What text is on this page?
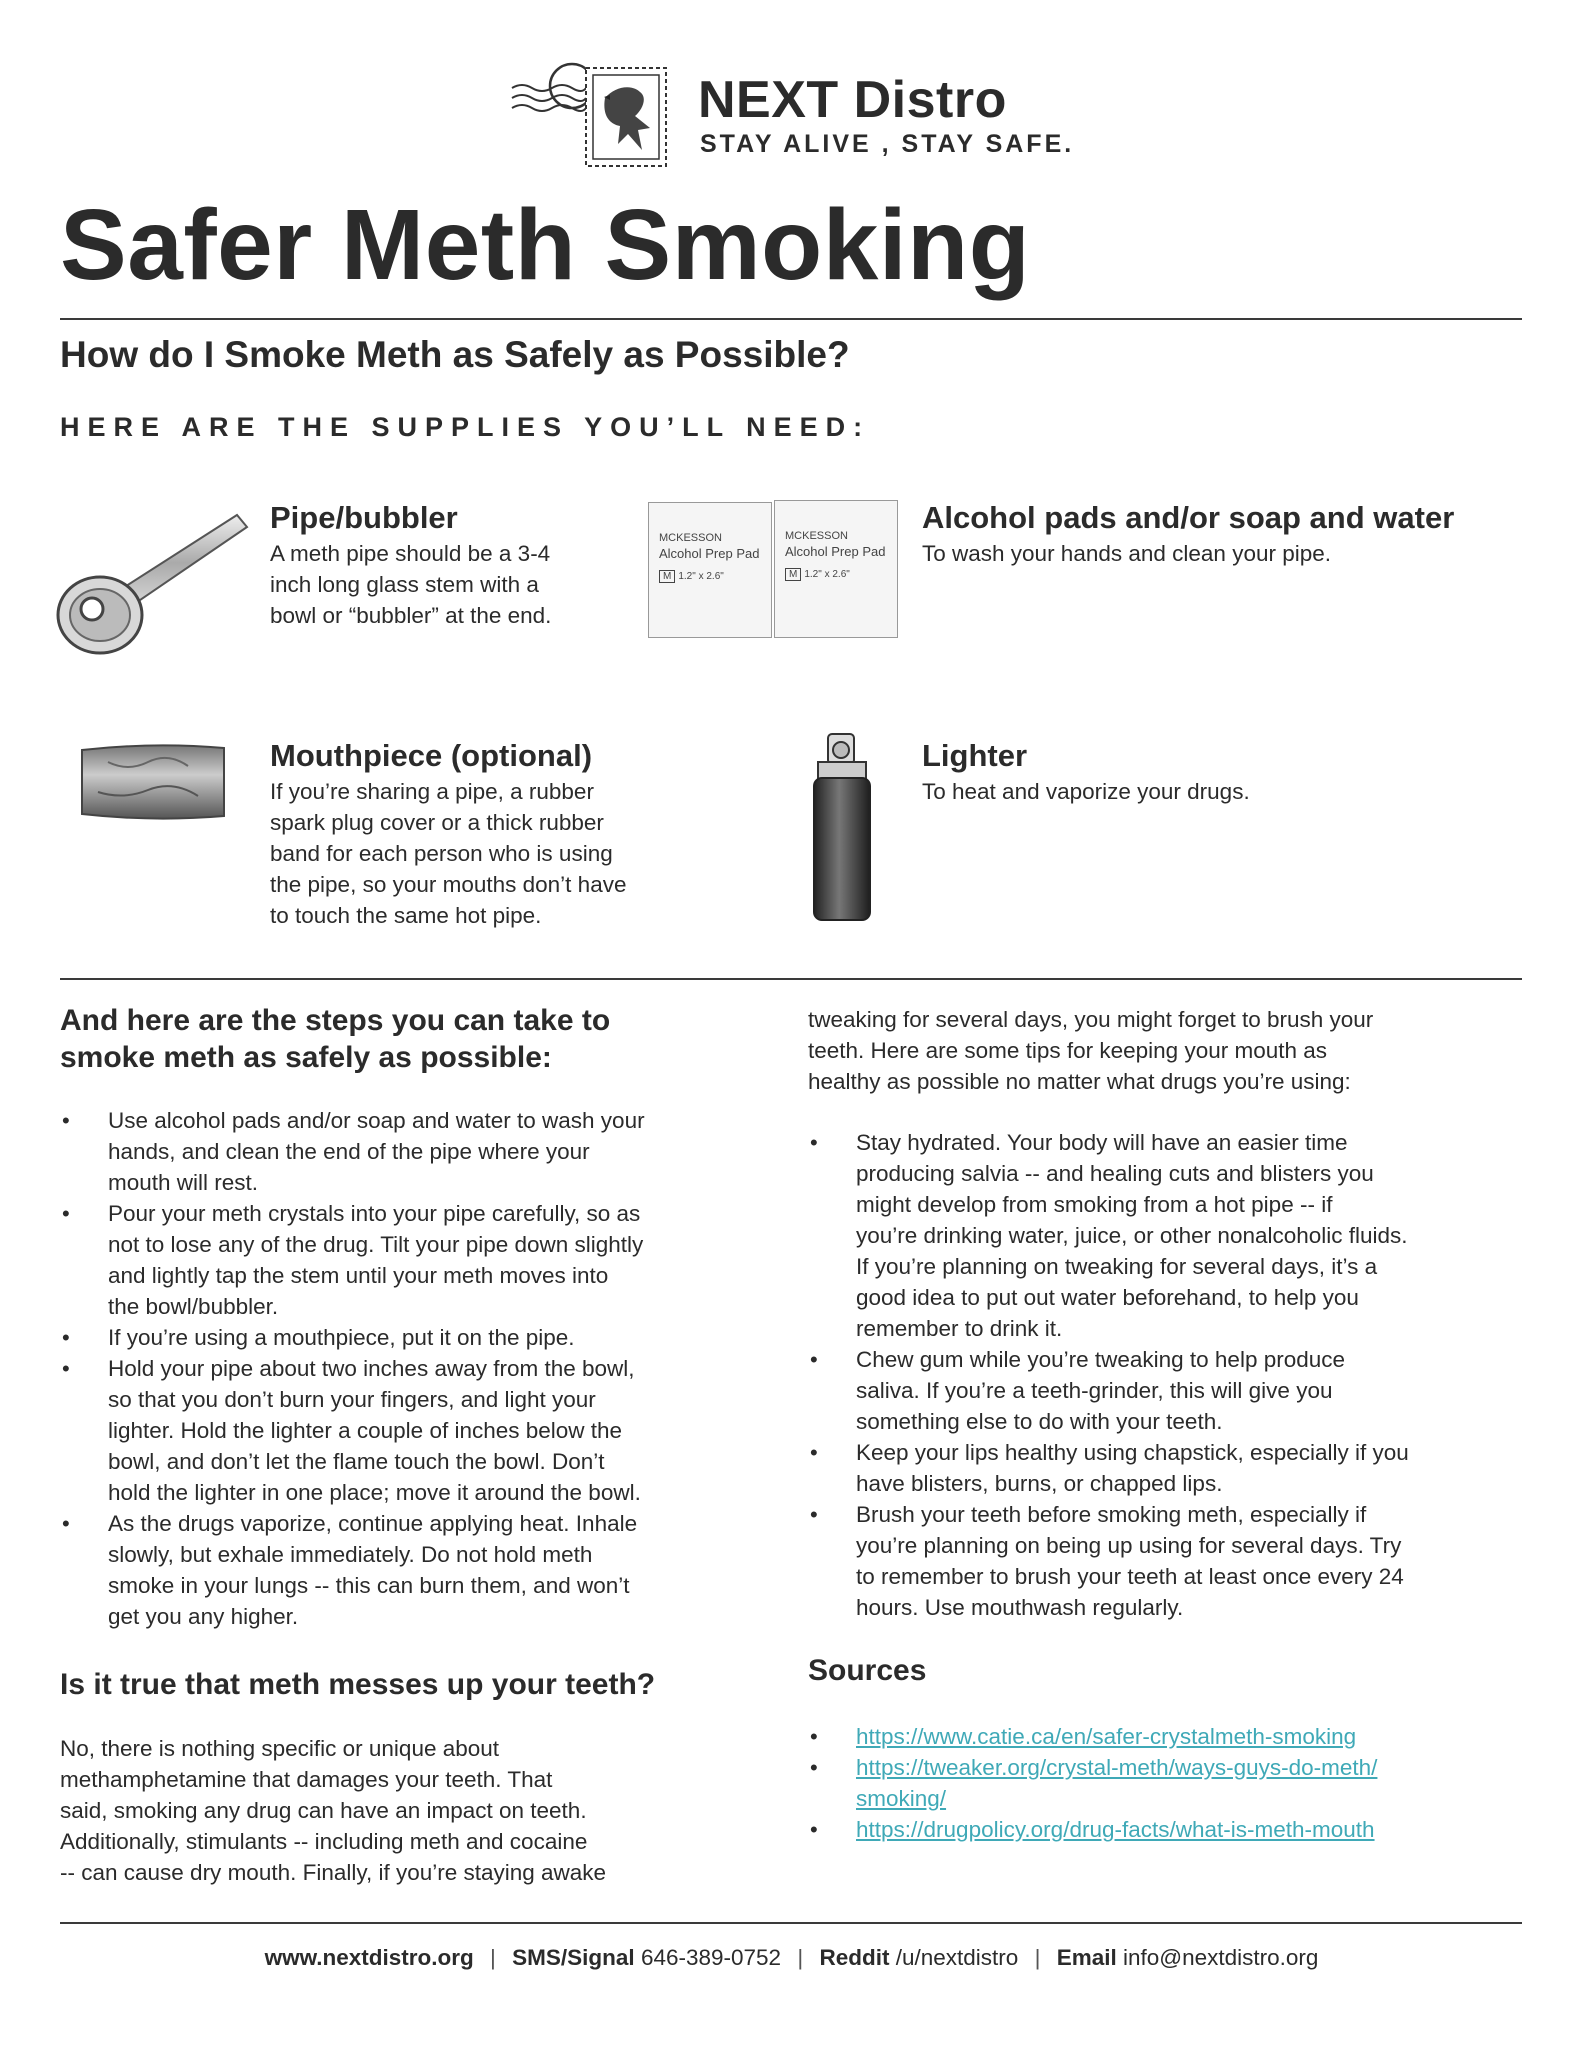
NEXT Distro
STAY ALIVE , STAY SAFE.
Safer Meth Smoking
How do I Smoke Meth as Safely as Possible?
HERE ARE THE SUPPLIES YOU’LL NEED:
Pipe/bubbler
A meth pipe should be a 3-4
inch long glass stem with a
bowl or “bubbler” at the end.
MCKESSON
Alcohol Prep Pad
M 1.2" x 2.6"
MCKESSON
Alcohol Prep Pad
M 1.2" x 2.6"
Alcohol pads and/or soap and water
To wash your hands and clean your pipe.
Mouthpiece (optional)
If you’re sharing a pipe, a rubber
spark plug cover or a thick rubber
band for each person who is using
the pipe, so your mouths don’t have
to touch the same hot pipe.
Lighter
To heat and vaporize your drugs.
And here are the steps you can take to
smoke meth as safely as possible:
• Use alcohol pads and/or soap and water to wash your
hands, and clean the end of the pipe where your
mouth will rest.
• Pour your meth crystals into your pipe carefully, so as
not to lose any of the drug. Tilt your pipe down slightly
and lightly tap the stem until your meth moves into
the bowl/bubbler.
• If you’re using a mouthpiece, put it on the pipe.
• Hold your pipe about two inches away from the bowl,
so that you don’t burn your fingers, and light your
lighter. Hold the lighter a couple of inches below the
bowl, and don’t let the flame touch the bowl. Don’t
hold the lighter in one place; move it around the bowl.
• As the drugs vaporize, continue applying heat. Inhale
slowly, but exhale immediately. Do not hold meth
smoke in your lungs -- this can burn them, and won’t
get you any higher.
Is it true that meth messes up your teeth?
No, there is nothing specific or unique about
methamphetamine that damages your teeth. That
said, smoking any drug can have an impact on teeth.
Additionally, stimulants -- including meth and cocaine
-- can cause dry mouth. Finally, if you’re staying awake
tweaking for several days, you might forget to brush your
teeth. Here are some tips for keeping your mouth as
healthy as possible no matter what drugs you’re using:
• Stay hydrated. Your body will have an easier time
producing salvia -- and healing cuts and blisters you
might develop from smoking from a hot pipe -- if
you’re drinking water, juice, or other nonalcoholic fluids.
If you’re planning on tweaking for several days, it’s a
good idea to put out water beforehand, to help you
remember to drink it.
• Chew gum while you’re tweaking to help produce
saliva. If you’re a teeth-grinder, this will give you
something else to do with your teeth.
• Keep your lips healthy using chapstick, especially if you
have blisters, burns, or chapped lips.
• Brush your teeth before smoking meth, especially if
you’re planning on being up using for several days. Try
to remember to brush your teeth at least once every 24
hours. Use mouthwash regularly.
Sources
• https://www.catie.ca/en/safer-crystalmeth-smoking
• https://tweaker.org/crystal-meth/ways-guys-do-meth/
smoking/
• https://drugpolicy.org/drug-facts/what-is-meth-mouth
www.nextdistro.org | SMS/Signal 646-389-0752 | Reddit /u/nextdistro | Email info@nextdistro.org
